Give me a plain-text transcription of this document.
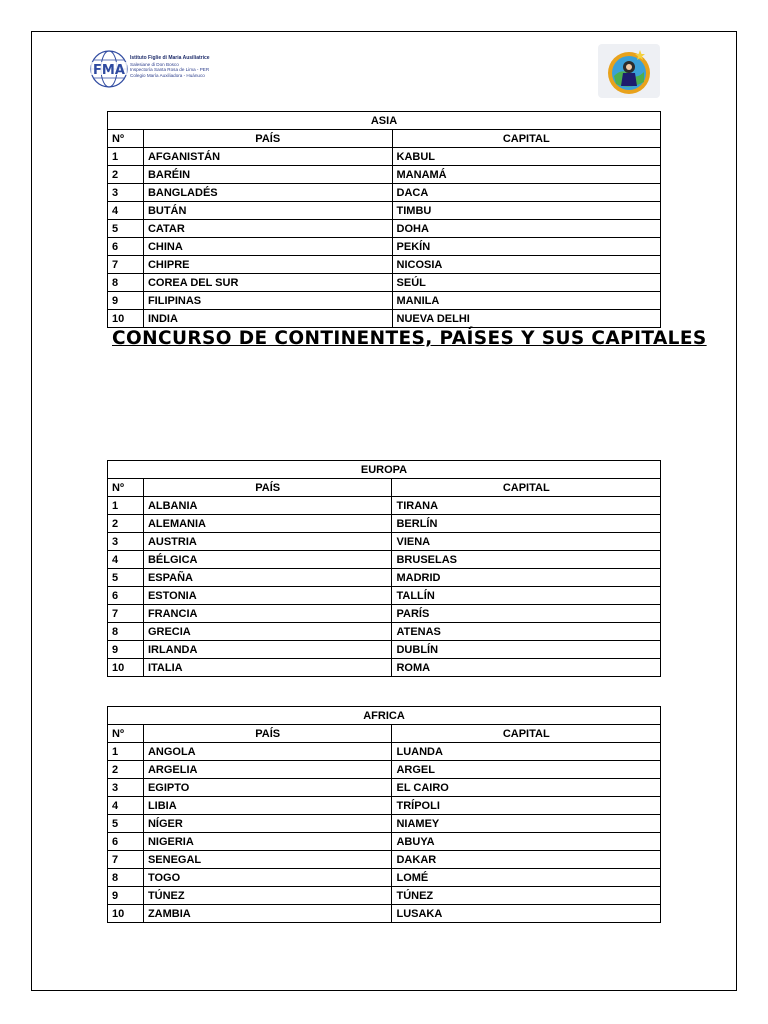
FMA
Istituto Figlie di Maria Ausiliatrice
Salesiane di Don Bosco
Inspectoría Santa Rosa de Lima - PER
Colegio María Auxiliadora - Huánuco
ASIA		
Nº	PAÍS	CAPITAL
1	AFGANISTÁN	KABUL
2	BARÉIN	MANAMÁ
3	BANGLADÉS	DACA
4	BUTÁN	TIMBU
5	CATAR	DOHA
6	CHINA	PEKÍN
7	CHIPRE	NICOSIA
8	COREA DEL SUR	SEÚL
9	FILIPINAS	MANILA
10	INDIA	NUEVA DELHI
CONCURSO DE CONTINENTES, PAÍSES Y SUS CAPITALES
EUROPA		
Nº	PAÍS	CAPITAL
1	ALBANIA	TIRANA
2	ALEMANIA	BERLÍN
3	AUSTRIA	VIENA
4	BÉLGICA	BRUSELAS
5	ESPAÑA	MADRID
6	ESTONIA	TALLÍN
7	FRANCIA	PARÍS
8	GRECIA	ATENAS
9	IRLANDA	DUBLÍN
10	ITALIA	ROMA
AFRICA		
Nº	PAÍS	CAPITAL
1	ANGOLA	LUANDA
2	ARGELIA	ARGEL
3	EGIPTO	EL CAIRO
4	LIBIA	TRÍPOLI
5	NÍGER	NIAMEY
6	NIGERIA	ABUYA
7	SENEGAL	DAKAR
8	TOGO	LOMÉ
9	TÚNEZ	TÚNEZ
10	ZAMBIA	LUSAKA
